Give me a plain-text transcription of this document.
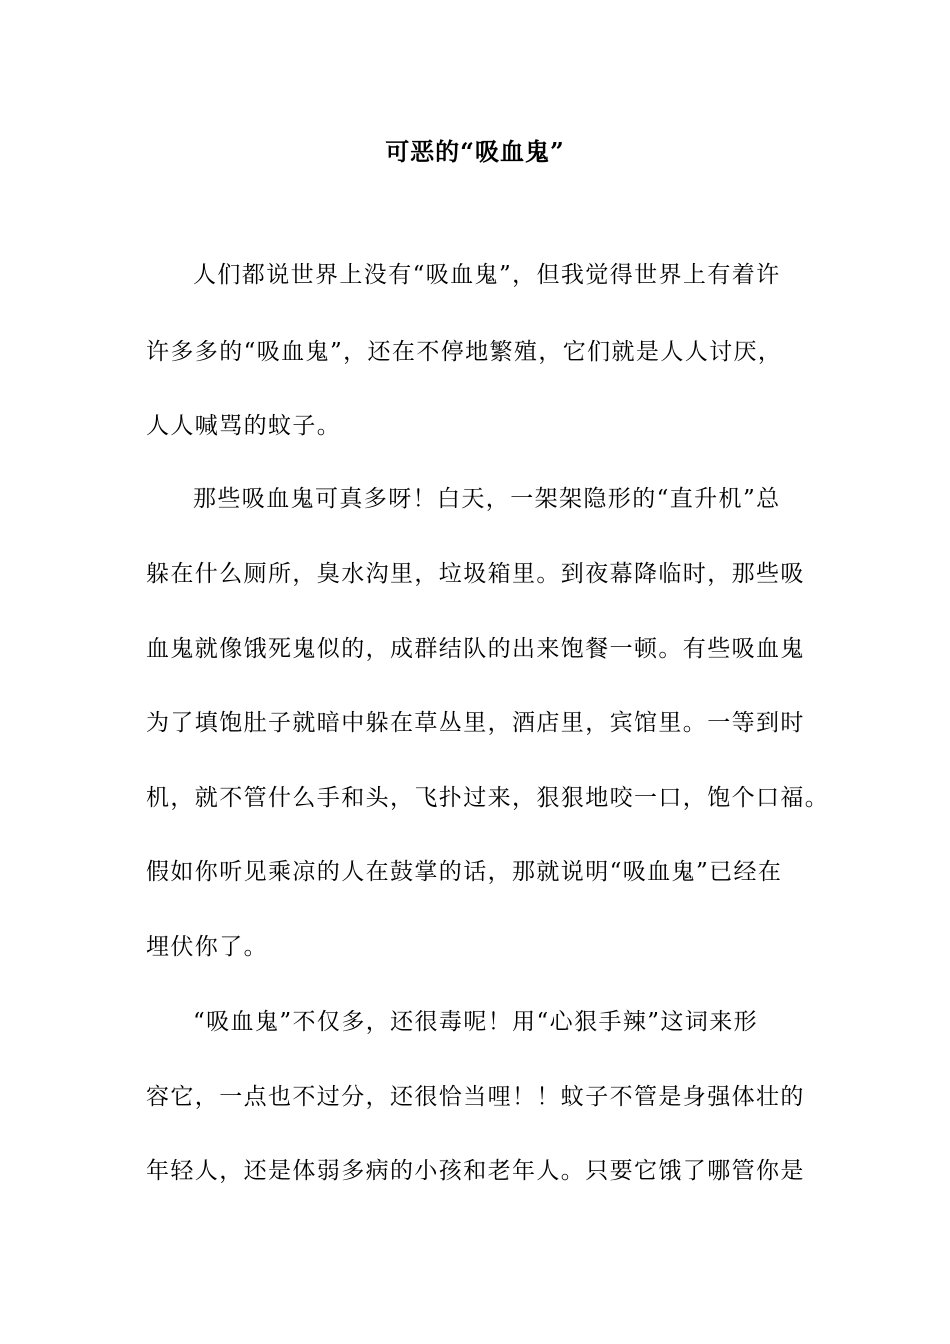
可恶的“吸血鬼”
人们都说世界上没有“吸血鬼”，但我觉得世界上有着许
许多多的“吸血鬼”，还在不停地繁殖，它们就是人人讨厌，
人人喊骂的蚊子。
那些吸血鬼可真多呀！白天，一架架隐形的“直升机”总
躲在什么厕所，臭水沟里，垃圾箱里。到夜幕降临时，那些吸
血鬼就像饿死鬼似的，成群结队的出来饱餐一顿。有些吸血鬼
为了填饱肚子就暗中躲在草丛里，酒店里，宾馆里。一等到时
机，就不管什么手和头，飞扑过来，狠狠地咬一口，饱个口福。
假如你听见乘凉的人在鼓掌的话，那就说明“吸血鬼”已经在
埋伏你了。
“吸血鬼”不仅多，还很毒呢！用“心狠手辣”这词来形
容它，一点也不过分，还很恰当哩！！蚊子不管是身强体壮的
年轻人，还是体弱多病的小孩和老年人。只要它饿了哪管你是
